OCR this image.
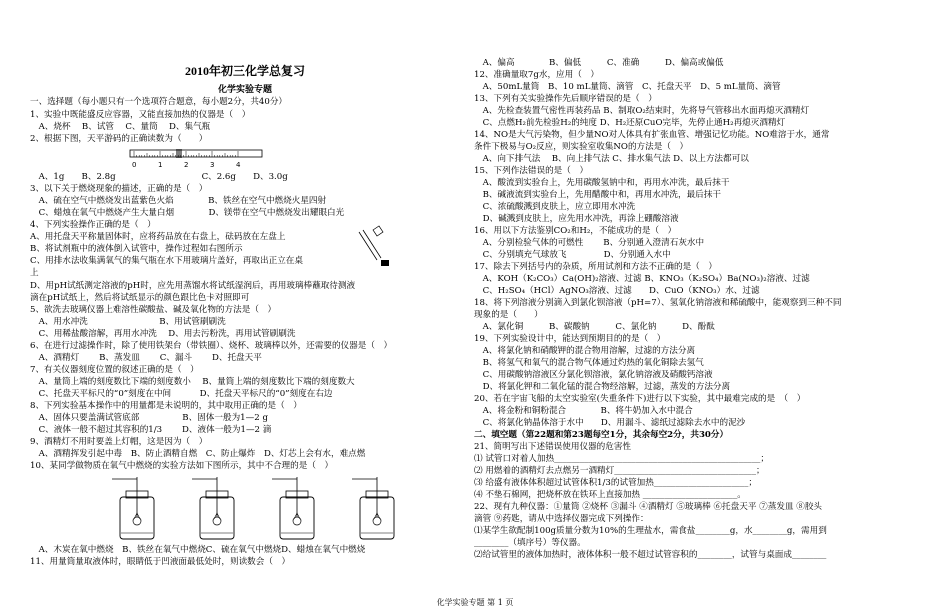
2010年初三化学总复习
化学实验专题
一、选择题（每小题只有一个选项符合题意，每小题2分，共40分）
1、实验中既能盛反应容器，又能直接加热的仪器是（　）
　A、烧杯　 B、试管　 C、量筒　 D、集气瓶
2、根据下图，天平游码的正确读数为（　　）
　A、1g　　B、2.8g　　　　　　　　　　C、2.6g　　D、3.0g
3、以下关于燃烧现象的描述，正确的是（　）
　A、硫在空气中燃烧发出蓝紫色火焰　　　　B、铁丝在空气中燃烧火星四射
　C、蜡烛在氧气中燃烧产生大量白烟　　　　D、镁带在空气中燃烧发出耀眼白光
4、下列实验操作正确的是（　）
A、用托盘天平称量固体时，应将药品放在右盘上，砝码放在左盘上
B、将试剂瓶中的液体倒入试管中，操作过程如右图所示
C、用排水法收集满氧气的集气瓶在水下用玻璃片盖好，再取出正立在桌
上
D、用pH试纸测定溶液的pH时，应先用蒸馏水将试纸湿润后，再用玻璃棒蘸取待测液
滴在pH试纸上，然后将试纸显示的颜色跟比色卡对照即可
5、欲洗去玻璃仪器上难溶性碳酸盐、碱及氧化物的方法是（　）
　A、用水冲洗　　　　　　　　 B、用试管刷刷洗
　C、用稀盐酸溶解，再用水冲洗　 D、用去污粉洗，再用试管刷刷洗
6、在进行过滤操作时，除了使用铁架台（带铁圈）、烧杯、玻璃棒以外，还需要的仪器是（　）
　A、酒精灯　　 B、蒸发皿　　 C、漏斗　　 D、托盘天平
7、有关仪器刻度位置的叙述正确的是（　）
　A、量筒上端的刻度数比下端的刻度数小　 B、量筒上端的刻度数比下端的刻度数大
　C、托盘天平标尺的“0”刻度在中间　　　 D、托盘天平标尺的“0”刻度在右边
8、下列实验基本操作中的用量都是未说明的，其中取用正确的是（　）
　A、固体只要盖满试管底部　　　　　B、固体一般为1—2 g
　C、液体一般不超过其容积的1/3　　 D、液体一般为1—2 滴
9、酒精灯不用时要盖上灯帽，这是因为（　）
　A、酒精挥发引起中毒　B、防止酒精自燃　C、防止爆炸　D、灯芯上会有水，难点燃
10、某同学做物质在氧气中燃烧的实验方法如下图所示，其中不合理的是（　）
　A、木炭在氧中燃烧　B、铁丝在氧气中燃烧C、硫在氧气中燃烧D、蜡烛在氧气中燃烧
11、用量筒量取液体时，眼睛低于凹液面最低处时，则读数会（　）
0	1	2	3	4
　A、偏高　　　　B、偏低　　　C、准确　　　D、偏高或偏低
12、准确量取7g水，应用（　）
　A、50mL量筒　B、10 mL量筒、滴管　C、托盘天平　D、5 mL量筒、滴管
13、下列有关实验操作先后顺序错误的是（　）
　A、先检查装置气密性再装药品 B、制取O₂结束时，先将导气管移出水面再熄灭酒精灯
　C、点燃H₂前先检验H₂的纯度 D、H₂还原CuO完毕，先停止通H₂再熄灭酒精灯
14、NO是大气污染物，但少量NO对人体具有扩张血管、增强记忆功能。NO难溶于水，通常
条件下极易与O₂反应，则实验室收集NO的方法是（　）
　A、向下排气法　 B、向上排气法 C、排水集气法 D、以上方法都可以
15、下列作法错误的是（　）
　A、酸流到实验台上，先用碳酸氢钠中和，再用水冲洗，最后抹干
　B、碱液流到实验台上，先用醋酸中和，再用水冲洗，最后抹干
　C、浓硫酸溅到皮肤上，应立即用水冲洗
　D、碱溅到皮肤上，应先用水冲洗，再涂上硼酸溶液
16、用以下方法鉴别CO₂和H₂，不能成功的是（　）
　A、分别检验气体的可燃性　　 B、分别通入澄清石灰水中
　C、分别填充气球放飞　　　　 D、分别通入水中
17、除去下列括号内的杂质，所用试剂和方法不正确的是（　）
　A、KOH（K₂CO₃）Ca(OH)₂溶液、过滤 B、KNO₃（K₂SO₄）Ba(NO₃)₂溶液、过滤
　C、H₂SO₄（HCl）AgNO₃溶液、过滤　　D、CuO（KNO₃）水、过滤
18、将下列溶液分别滴入到氯化钡溶液（pH=7）、氢氧化钠溶液和稀硫酸中，能观察到三种不同
现象的是（　　）
　A、氯化铜　　　B、碳酸钠　　　C、氯化钠　　　D、酚酞
19、下列实验设计中，能达到预期目的的是（　）
　A、将氯化钠和硝酸钾的混合物用溶解，过滤的方法分离
　B、将氢气和氧气的混合物气体通过灼热的氧化铜除去氢气
　C、用碳酸钠溶液区分氯化钡溶液，氯化钠溶液及硝酸钙溶液
　D、将氯化钾和二氧化锰的混合物经溶解，过滤，蒸发的方法分离
20、若在宇宙飞船的太空实验室(失重条件下)进行以下实验，其中最难完成的是　（　）
　A、将金粉和铜粉混合　　　　B、将牛奶加入水中混合
　C、将氯化钠晶体溶于水中　　D、用漏斗、滤纸过滤除去水中的泥沙
二、填空题（第22题和第23题每空1分，其余每空2分，共30分）
21、简明写出下述错误使用仪器的危害性
⑴ 试管口对着人加热________________________________________________；
⑵ 用燃着的酒精灯去点燃另一酒精灯_________________________________；
⑶ 给盛有液体体积超过试管体积1/3的试管加热______________________；
⑷ 不垫石棉网，把烧杯放在铁环上直接加热 ______________________。
22、现有九种仪器：①量筒 ②烧杯 ③漏斗 ④酒精灯 ⑤玻璃棒 ⑥托盘天平 ⑦蒸发皿 ⑧胶头
滴管 ⑨药匙，请从中选择仪器完成下列操作：
⑴某学生欲配制100g质量分数为10%的生理盐水，需食盐________g，水________g，需用到
________（填序号）等仪器。
⑵给试管里的液体加热时，液体体积一般不超过试管容积的________，试管与桌面成________
化学实验专题 第 1 页
